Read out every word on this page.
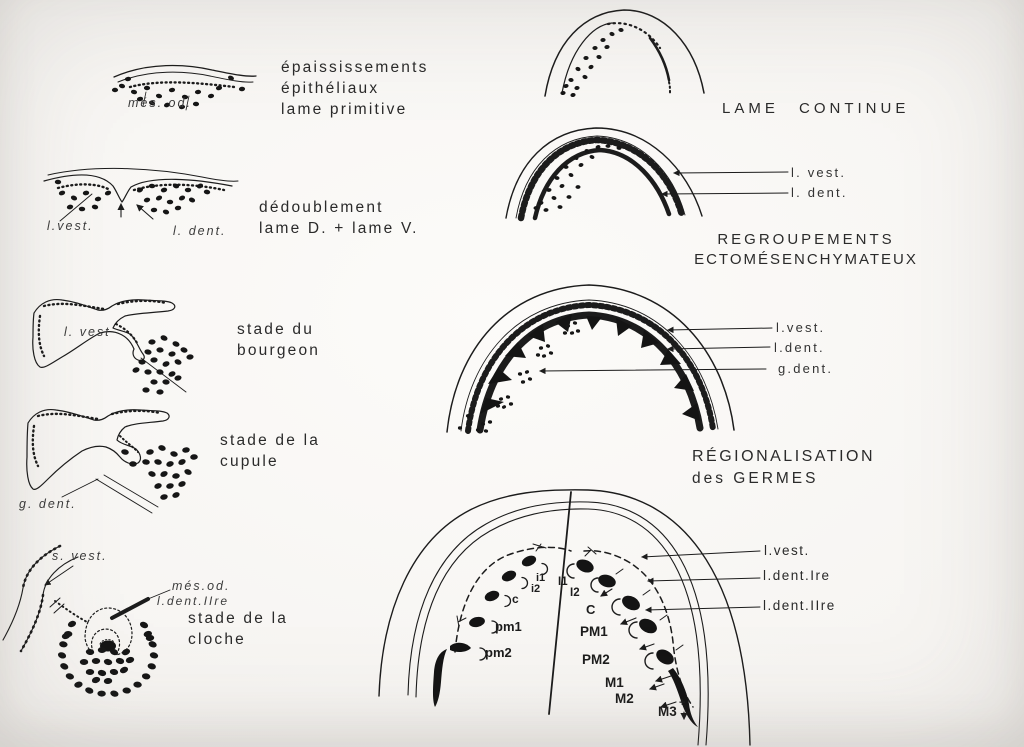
épaississements
épithéliaux
lame primitive
més. od.
dédoublement
lame D. + lame V.
l.vest.	l. dent.
stade du
bourgeon
l. vest
stade de la
cupule
g. dent.
stade de la
cloche
s. vest.
més.od.
l.dent.IIre
LAME CONTINUE
l. vest.
l. dent.
REGROUPEMENTS
ECTOMÉSENCHYMATEUX
l.vest.
l.dent.
g.dent.
RÉGIONALISATION
des GERMES
i1
i2
c
pm1
pm2
I1
I2
C
PM1
PM2
M1
M2
M3
+
l.vest.
l.dent.Ire
l.dent.IIre
